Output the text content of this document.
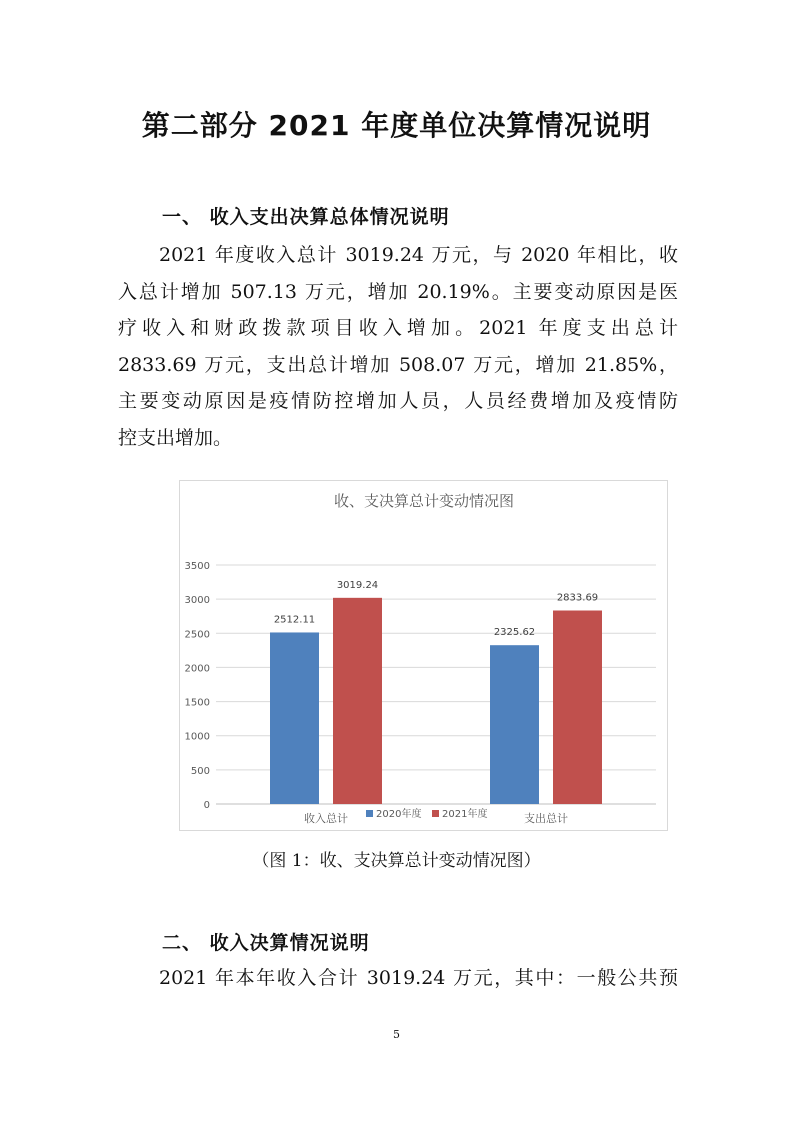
第二部分 2021 年度单位决算情况说明
一、 收入支出决算总体情况说明
2021 年度收入总计 3019.24 万元，与 2020 年相比，收
入总计增加 507.13 万元，增加 20.19%。主要变动原因是医
疗收入和财政拨款项目收入增加。2021 年度支出总计
2833.69 万元，支出总计增加 508.07 万元，增加 21.85%，
主要变动原因是疫情防控增加人员，人员经费增加及疫情防
控支出增加。
收、支决算总计变动情况图
0
500
1000
1500
2000
2500
3000
3500
2512.11
3019.24
收入总计
2325.62
2833.69
支出总计
2020年度 2021年度
（图 1：收、支决算总计变动情况图）
二、 收入决算情况说明
2021 年本年收入合计 3019.24 万元，其中：一般公共预
5
